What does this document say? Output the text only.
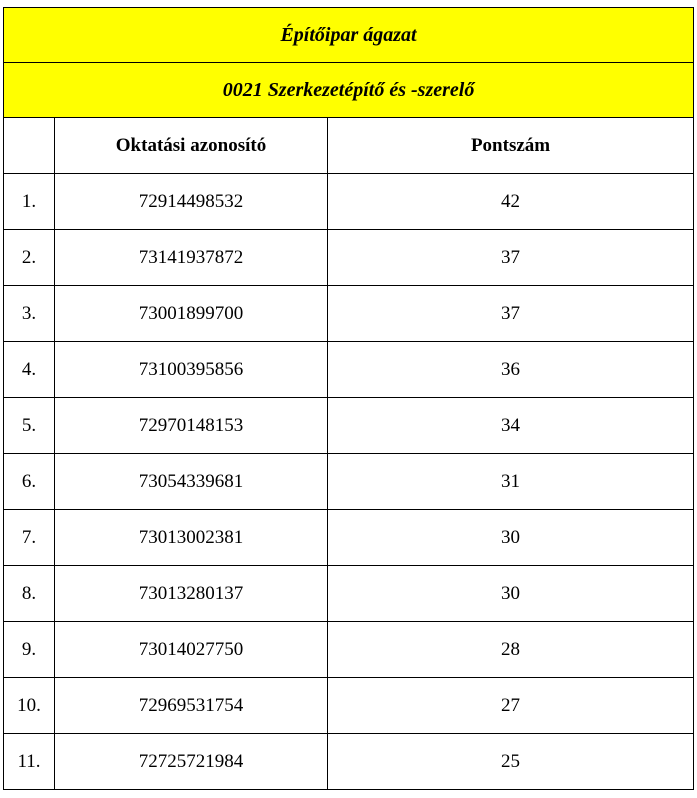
Építőipar ágazat		
0021 Szerkezetépítő és -szerelő		
	Oktatási azonosító	Pontszám
1.	72914498532	42
2.	73141937872	37
3.	73001899700	37
4.	73100395856	36
5.	72970148153	34
6.	73054339681	31
7.	73013002381	30
8.	73013280137	30
9.	73014027750	28
10.	72969531754	27
11.	72725721984	25
